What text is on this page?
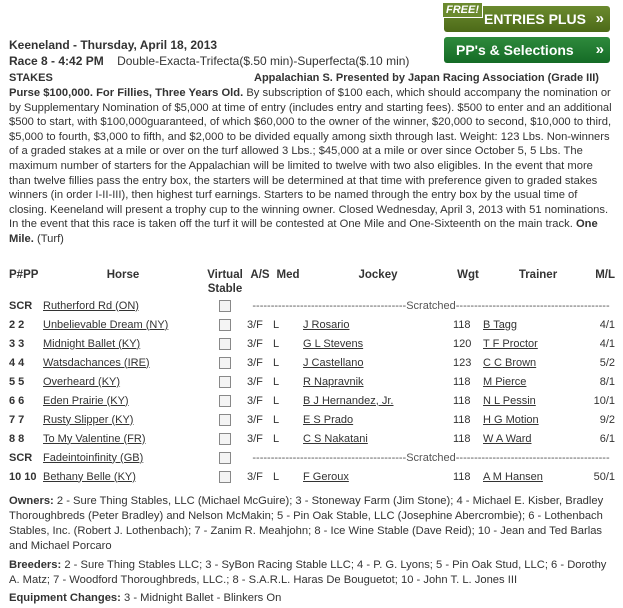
FREE!
ENTRIES PLUS »
PP's & Selections »
Keeneland - Thursday, April 18, 2013
Race 8 - 4:42 PM Double-Exacta-Trifecta($.50 min)-Superfecta($.10 min)
STAKES	Appalachian S. Presented by Japan Racing Association (Grade III)
Purse $100,000. For Fillies, Three Years Old. By subscription of $100 each, which should accompany the nomination or by Supplementary Nomination of $5,000 at time of entry (includes entry and starting fees). $500 to enter and an additional $500 to start, with $100,000guaranteed, of which $60,000 to the owner of the winner, $20,000 to second, $10,000 to third, $5,000 to fourth, $3,000 to fifth, and $2,000 to be divided equally among sixth through last. Weight: 123 Lbs. Non-winners of a graded stakes at a mile or over on the turf allowed 3 Lbs.; $45,000 at a mile or over since October 5, 5 Lbs. The maximum number of starters for the Appalachian will be limited to twelve with two also eligibles. In the event that more than twelve fillies pass the entry box, the starters will be determined at that time with preference given to graded stakes winners (in order I-II-III), then highest turf earnings. Starters to be named through the entry box by the usual time of closing. Keeneland will present a trophy cup to the winning owner. Closed Wednesday, April 3, 2013 with 51 nominations. In the event that this race is taken off the turf it will be contested at One Mile and One-Sixteenth on the main track. One Mile. (Turf)
P#PP	Horse	Virtual
Stable	A/S	Med	Jockey	Wgt	Trainer	M/L
SCR	Rutherford Rd (ON)		------------------------------------------Scratched------------------------------------------					
2 2	Unbelievable Dream (NY)		3/F	L	J Rosario	118	B Tagg	4/1
3 3	Midnight Ballet (KY)		3/F	L	G L Stevens	120	T F Proctor	4/1
4 4	Watsdachances (IRE)		3/F	L	J Castellano	123	C C Brown	5/2
5 5	Overheard (KY)		3/F	L	R Napravnik	118	M Pierce	8/1
6 6	Eden Prairie (KY)		3/F	L	B J Hernandez, Jr.	118	N L Pessin	10/1
7 7	Rusty Slipper (KY)		3/F	L	E S Prado	118	H G Motion	9/2
8 8	To My Valentine (FR)		3/F	L	C S Nakatani	118	W A Ward	6/1
SCR	Fadeintoinfinity (GB)		------------------------------------------Scratched------------------------------------------					
10 10	Bethany Belle (KY)		3/F	L	F Geroux	118	A M Hansen	50/1
Owners: 2 - Sure Thing Stables, LLC (Michael McGuire); 3 - Stoneway Farm (Jim Stone); 4 - Michael E. Kisber, Bradley Thoroughbreds (Peter Bradley) and Nelson McMakin; 5 - Pin Oak Stable, LLC (Josephine Abercrombie); 6 - Lothenbach Stables, Inc. (Robert J. Lothenbach); 7 - Zanim R. Meahjohn; 8 - Ice Wine Stable (Dave Reid); 10 - Jean and Ted Barlas and Michael Porcaro
Breeders: 2 - Sure Thing Stables LLC; 3 - SyBon Racing Stable LLC; 4 - P. G. Lyons; 5 - Pin Oak Stud, LLC; 6 - Dorothy A. Matz; 7 - Woodford Thoroughbreds, LLC.; 8 - S.A.R.L. Haras De Bouguetot; 10 - John T. L. Jones III
Equipment Changes: 3 - Midnight Ballet - Blinkers On
